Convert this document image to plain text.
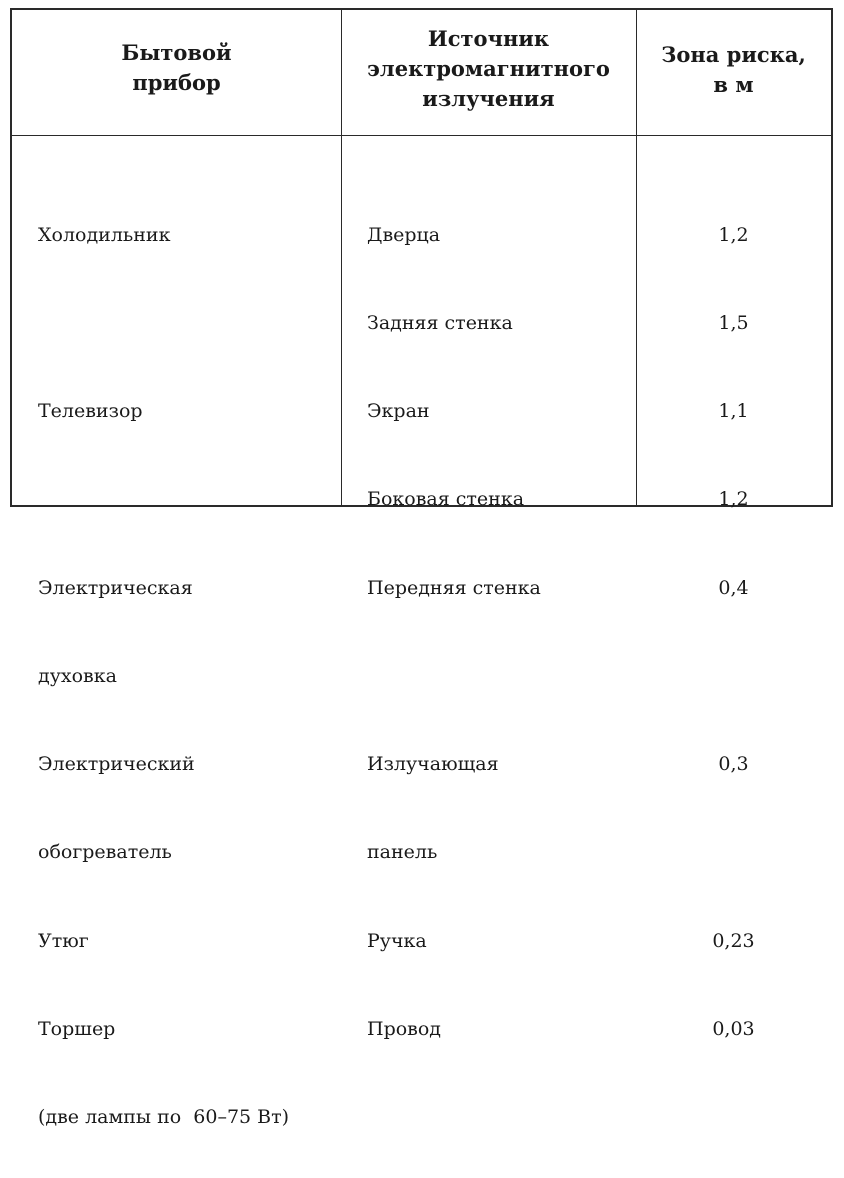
Бытовой
прибор
Источник
электромагнитного
излучения
Зона риска,
в м

Холодильник

Телевизор

Электрическая

духовка

Электрический

обогреватель

Утюг

Торшер

(две лампы по  60–75 Вт)

Дверца

Задняя стенка

Экран

Боковая стенка

Передняя стенка

Излучающая

панель

Ручка

Провод

1,2

1,5

1,1

1,2

0,4

0,3

0,23

0,03
